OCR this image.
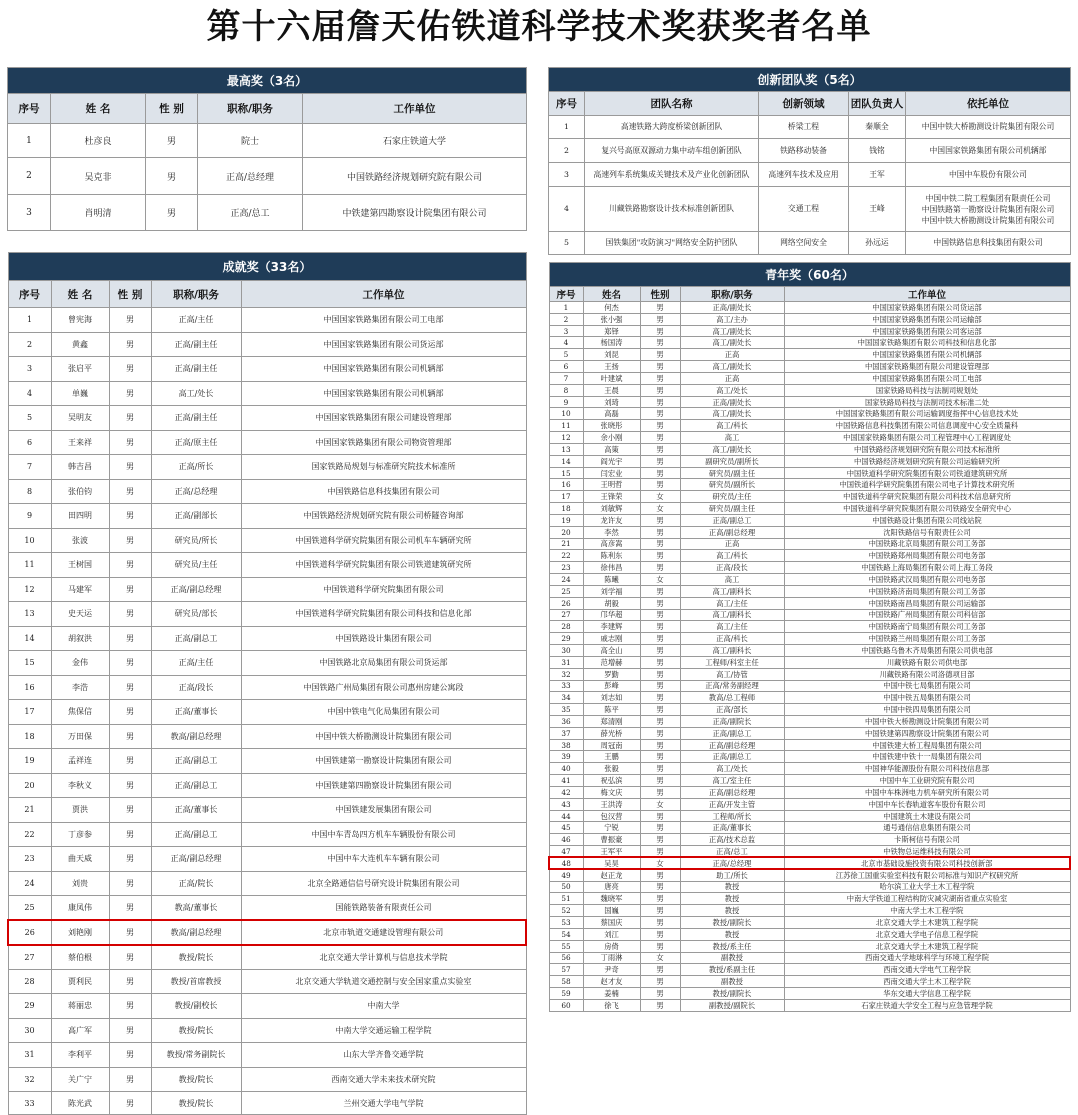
第十六届詹天佑铁道科学技术奖获奖者名单
最高奖（3名）				
序号	姓 名	性 别	职称/职务	工作单位
1	杜彦良	男	院士	石家庄铁道大学
2	吴克非	男	正高/总经理	中国铁路经济规划研究院有限公司
3	肖明清	男	正高/总工	中铁建第四勘察设计院集团有限公司
创新团队奖（5名）				
序号	团队名称	创新领域	团队负责人	依托单位
1	高速铁路大跨度桥梁创新团队	桥梁工程	秦顺全	中国中铁大桥勘测设计院集团有限公司
2	复兴号高原双源动力集中动车组创新团队	铁路移动装备	钱铭	中国国家铁路集团有限公司机辆部
3	高速列车系统集成关键技术及产业化创新团队	高速列车技术及应用	王军	中国中车股份有限公司
4	川藏铁路勘察设计技术标准创新团队	交通工程	王峰	中国中铁二院工程集团有限责任公司
中国铁路第一勘察设计院集团有限公司
中国中铁大桥勘测设计院集团有限公司
5	国铁集团"攻防演习"网络安全防护团队	网络空间安全	孙远运	中国铁路信息科技集团有限公司
成就奖（33名）				
序号	姓 名	性 别	职称/职务	工作单位
1	曾宪海	男	正高/主任	中国国家铁路集团有限公司工电部
2	黄鑫	男	正高/副主任	中国国家铁路集团有限公司货运部
3	张启平	男	正高/副主任	中国国家铁路集团有限公司机辆部
4	单巍	男	高工/处长	中国国家铁路集团有限公司机辆部
5	吴明友	男	正高/副主任	中国国家铁路集团有限公司建设管理部
6	王来祥	男	正高/原主任	中国国家铁路集团有限公司物资管理部
7	韩吉昌	男	正高/所长	国家铁路局规划与标准研究院技术标准所
8	张伯钧	男	正高/总经理	中国铁路信息科技集团有限公司
9	田四明	男	正高/副部长	中国铁路经济规划研究院有限公司桥隧咨询部
10	张波	男	研究员/所长	中国铁道科学研究院集团有限公司机车车辆研究所
11	王树国	男	研究员/主任	中国铁道科学研究院集团有限公司铁道建筑研究所
12	马建军	男	正高/副总经理	中国铁道科学研究院集团有限公司
13	史天运	男	研究员/部长	中国铁道科学研究院集团有限公司科技和信息化部
14	胡叙洪	男	正高/副总工	中国铁路设计集团有限公司
15	金伟	男	正高/主任	中国铁路北京局集团有限公司货运部
16	李浩	男	正高/段长	中国铁路广州局集团有限公司惠州房建公寓段
17	焦保信	男	正高/董事长	中国中铁电气化局集团有限公司
18	万田保	男	教高/副总经理	中国中铁大桥勘测设计院集团有限公司
19	孟祥连	男	正高/副总工	中国铁建第一勘察设计院集团有限公司
20	李秋义	男	正高/副总工	中国铁建第四勘察设计院集团有限公司
21	贾洪	男	正高/董事长	中国铁建发展集团有限公司
22	丁彦参	男	正高/副总工	中国中车青岛四方机车车辆股份有限公司
23	曲天威	男	正高/副总经理	中国中车大连机车车辆有限公司
24	刘贵	男	正高/院长	北京全路通信信号研究设计院集团有限公司
25	康凤伟	男	教高/董事长	国能铁路装备有限责任公司
26	刘艳刚	男	教高/副总经理	北京市轨道交通建设管理有限公司
27	蔡伯根	男	教授/院长	北京交通大学计算机与信息技术学院
28	贾利民	男	教授/首席教授	北京交通大学轨道交通控制与安全国家重点实验室
29	蒋丽忠	男	教授/副校长	中南大学
30	高广军	男	教授/院长	中南大学交通运输工程学院
31	李利平	男	教授/常务副院长	山东大学齐鲁交通学院
32	关广宁	男	教授/院长	西南交通大学未来技术研究院
33	陈光武	男	教授/院长	兰州交通大学电气学院
青年奖（60名）				
序号	姓名	性别	职称/职务	工作单位
1	何杰	男	正高/副处长	中国国家铁路集团有限公司货运部
2	张小强	男	高工/主办	中国国家铁路集团有限公司运输部
3	郑铎	男	高工/副处长	中国国家铁路集团有限公司客运部
4	杨国涛	男	高工/副处长	中国国家铁路集团有限公司科技和信息化部
5	刘昆	男	正高	中国国家铁路集团有限公司机辆部
6	王扬	男	高工/副处长	中国国家铁路集团有限公司建设管理部
7	叶建斌	男	正高	中国国家铁路集团有限公司工电部
8	王晨	男	高工/处长	国家铁路局科技与法制司规划处
9	刘琦	男	正高/副处长	国家铁路局科技与法制司技术标准二处
10	高磊	男	高工/副处长	中国国家铁路集团有限公司运输调度指挥中心信息技术处
11	张晓彤	男	高工/科长	中国铁路信息科技集团有限公司信息调度中心安全质量科
12	余小刚	男	高工	中国国家铁路集团有限公司工程管理中心工程调度处
13	高策	男	高工/副处长	中国铁路经济规划研究院有限公司技术标准所
14	阎光宇	男	副研究员/副所长	中国铁路经济规划研究院有限公司运输研究所
15	闫宏业	男	研究员/副主任	中国铁道科学研究院集团有限公司铁道建筑研究所
16	王明哲	男	研究员/副所长	中国铁道科学研究院集团有限公司电子计算技术研究所
17	王锋荣	女	研究员/主任	中国铁道科学研究院集团有限公司科技术信息研究所
18	刘敏辉	女	研究员/副主任	中国铁道科学研究院集团有限公司铁路安全研究中心
19	龙许友	男	正高/副总工	中国铁路设计集团有限公司线站院
20	李然	男	正高/副总经理	沈阳铁路信号有限责任公司
21	高彦嵩	男	正高	中国铁路北京局集团有限公司工务部
22	陈利东	男	高工/科长	中国铁路郑州局集团有限公司电务部
23	徐伟昌	男	正高/段长	中国铁路上海局集团有限公司上海工务段
24	陈曦	女	高工	中国铁路武汉局集团有限公司电务部
25	刘学福	男	高工/副科长	中国铁路济南局集团有限公司工务部
26	胡毅	男	高工/主任	中国铁路南昌局集团有限公司运输部
27	邝华超	男	高工/副科长	中国铁路广州局集团有限公司科信部
28	李建辉	男	高工/主任	中国铁路南宁局集团有限公司工务部
29	戚志刚	男	正高/科长	中国铁路兰州局集团有限公司工务部
30	高全山	男	高工/副科长	中国铁路乌鲁木齐局集团有限公司供电部
31	范增赫	男	工程师/科室主任	川藏铁路有限公司供电部
32	罗勤	男	高工/协管	川藏铁路有限公司洛德项目部
33	彭峰	男	正高/常务副经理	中国中铁七局集团有限公司
34	刘志如	男	教高/总工程师	中国中铁五局集团有限公司
35	陈平	男	正高/部长	中国中铁四局集团有限公司
36	郑清刚	男	正高/副院长	中国中铁大桥勘测设计院集团有限公司
37	薛光桥	男	正高/副总工	中国铁建第四勘察设计院集团有限公司
38	周冠南	男	正高/副总经理	中国铁建大桥工程局集团有限公司
39	王鹏	男	正高/副总工	中国铁建中铁十一局集团有限公司
40	张毅	男	高工/处长	中国神华能源股份有限公司科技信息部
41	祝弘滨	男	高工/室主任	中国中车工业研究院有限公司
42	梅文庆	男	正高/副总经理	中国中车株洲电力机车研究所有限公司
43	王洪涛	女	正高/开发主管	中国中车长春轨道客车股份有限公司
44	包汉营	男	工程师/所长	中国建筑土木建设有限公司
45	宁锐	男	正高/董事长	通号通信信息集团有限公司
46	曹振豪	男	正高/技术总监	卡斯柯信号有限公司
47	王军平	男	正高/总工	中铁物总运维科技有限公司
48	吴昊	女	正高/总经理	北京市基础设施投资有限公司科技创新部
49	赵正龙	男	助工/所长	江苏徐工国重实验室科技有限公司标准与知识产权研究所
50	唐亮	男	教授	哈尔滨工业大学土木工程学院
51	魏晓军	男	教授	中南大学铁道工程结构防灾减灾湖南省重点实验室
52	国巍	男	教授	中南大学土木工程学院
53	蔡国庆	男	教授/副院长	北京交通大学土木建筑工程学院
54	刘江	男	教授	北京交通大学电子信息工程学院
55	房倚	男	教授/系主任	北京交通大学土木建筑工程学院
56	丁雨淋	女	副教授	西南交通大学地球科学与环境工程学院
57	尹奇	男	教授/系副主任	西南交通大学电气工程学院
58	赵才友	男	副教授	西南交通大学土木工程学院
59	姜楠	男	教授/副院长	华东交通大学信息工程学院
60	徐飞	男	副教授/副院长	石家庄铁道大学安全工程与应急管理学院
